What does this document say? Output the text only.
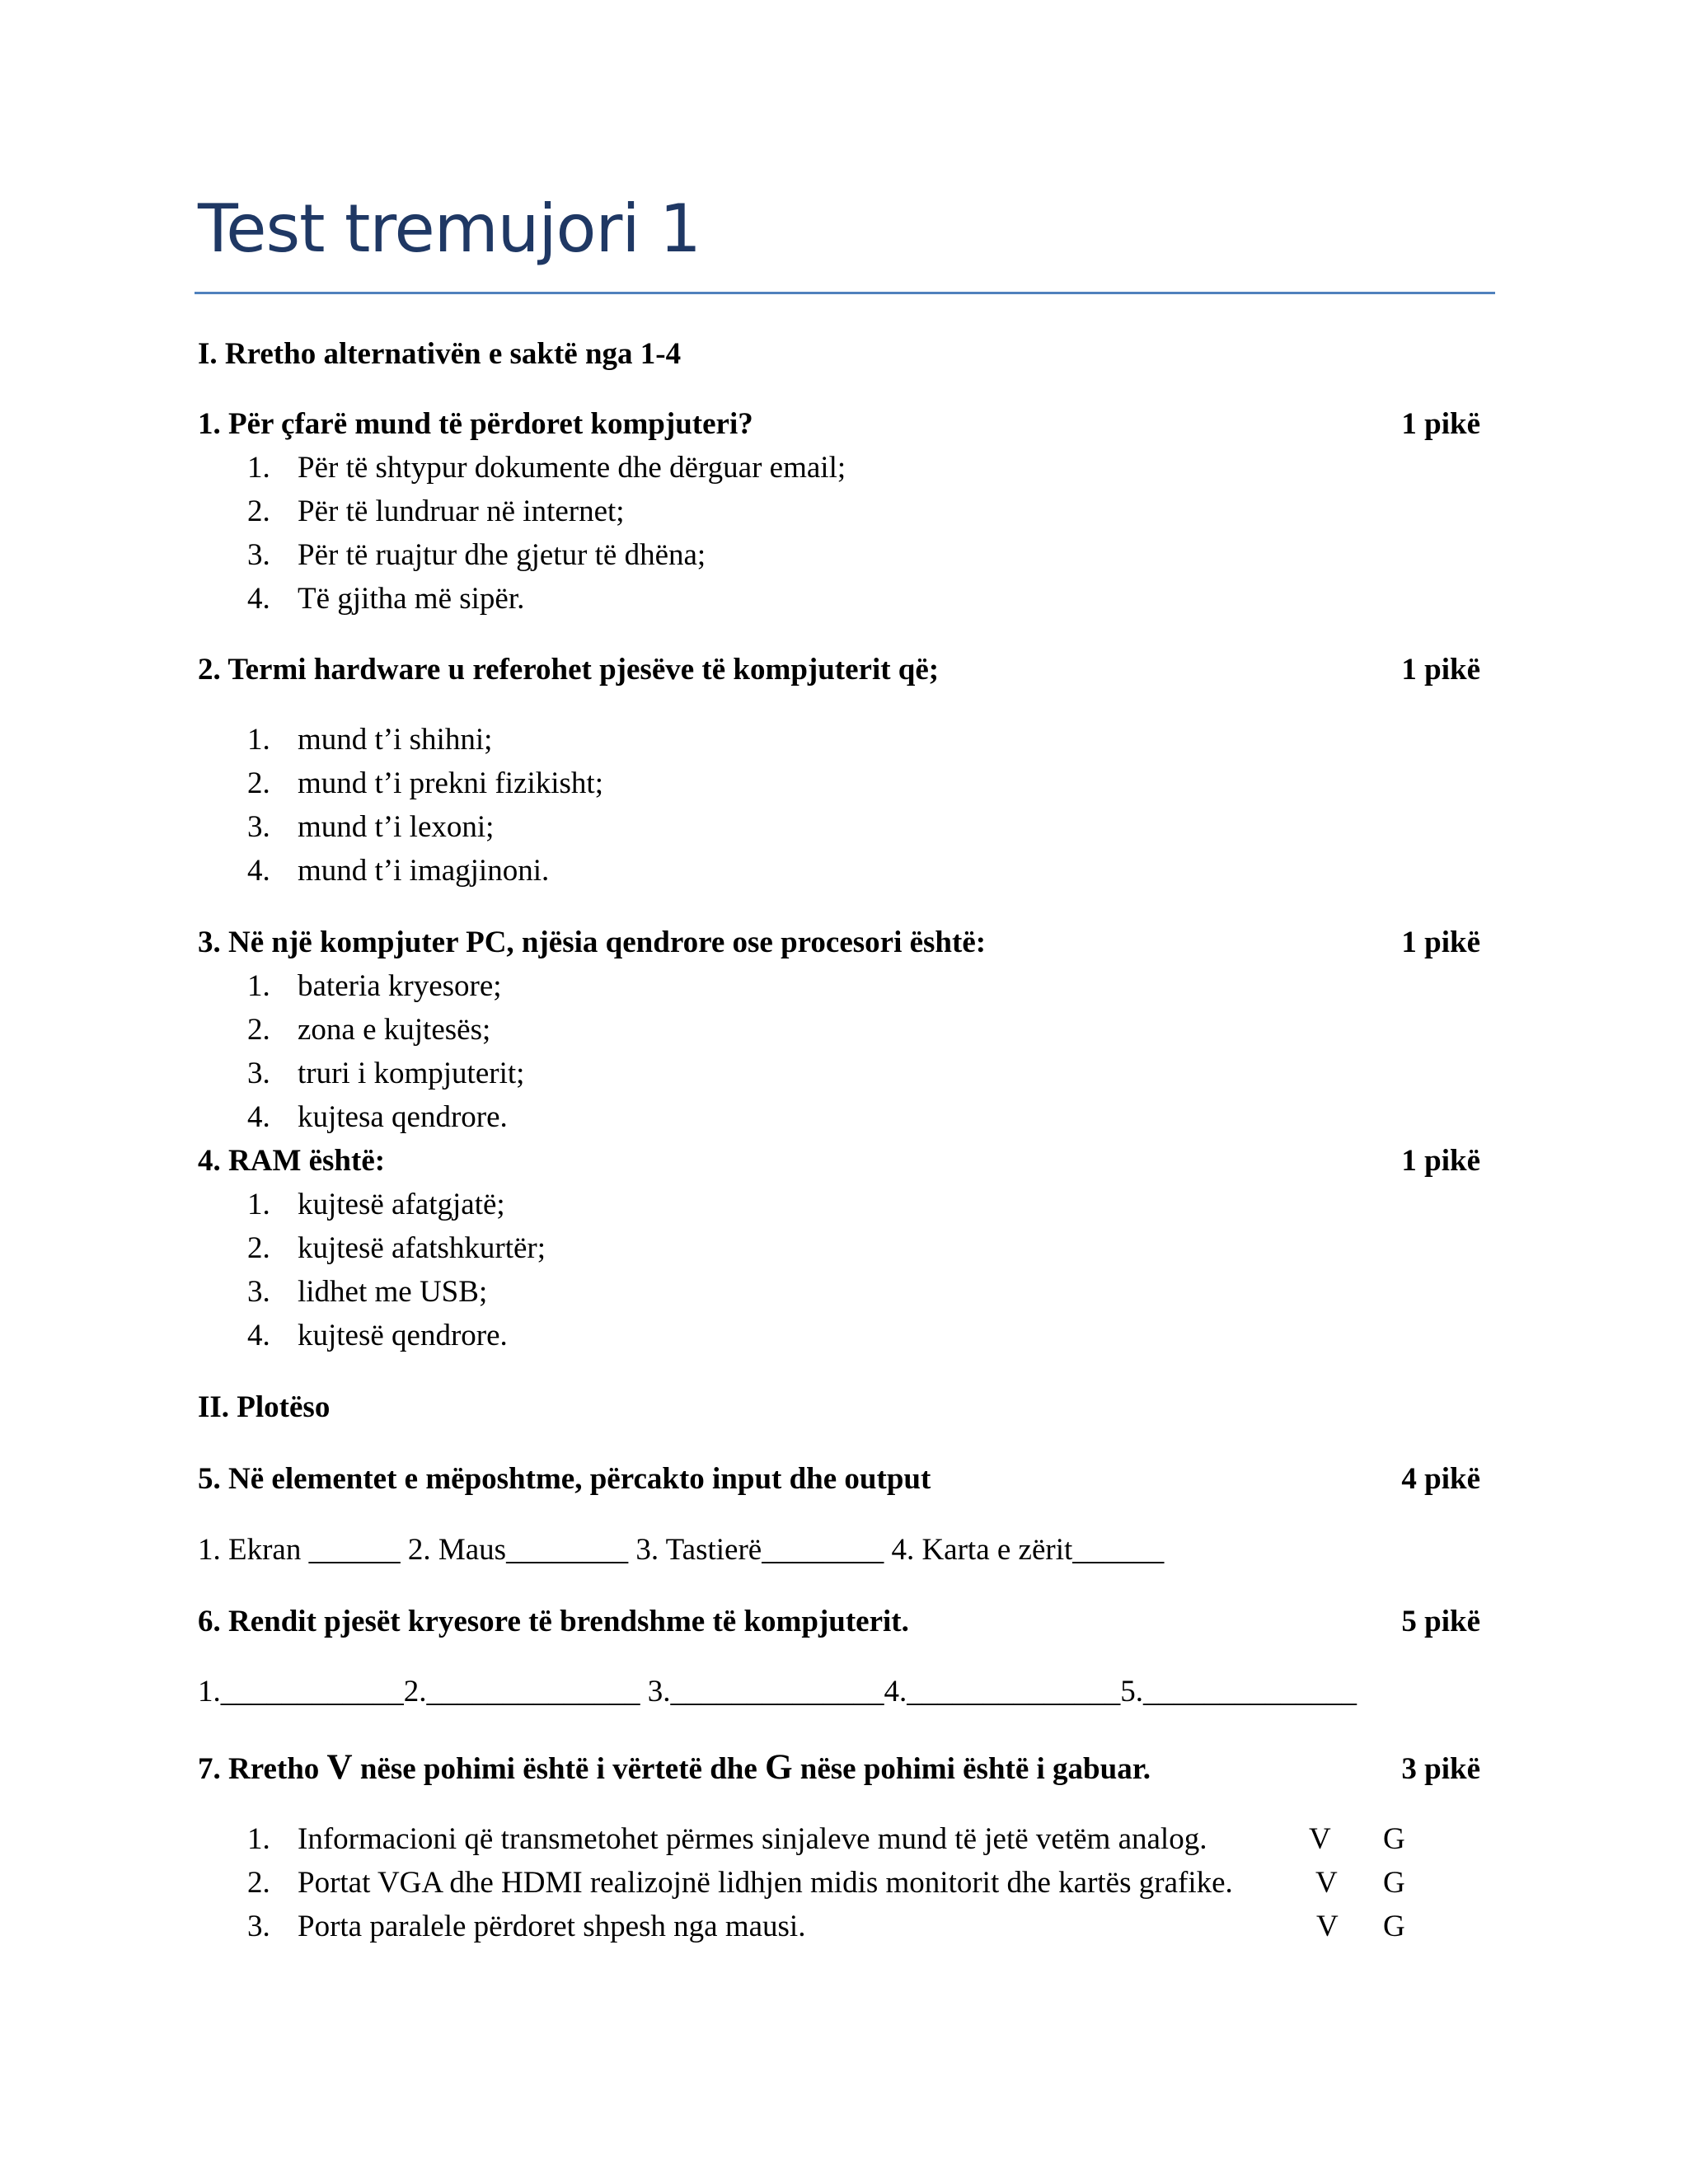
Test tremujori 1
I. Rretho alternativën e saktë nga 1-4
1. Për çfarë mund të përdoret kompjuteri?	1 pikë
1. Për të shtypur dokumente dhe dërguar email;
2. Për të lundruar në internet;
3. Për të ruajtur dhe gjetur të dhëna;
4. Të gjitha më sipër.
2. Termi hardware u referohet pjesëve të kompjuterit që;	1 pikë
1. mund t’i shihni;
2. mund t’i prekni fizikisht;
3. mund t’i lexoni;
4. mund t’i imagjinoni.
3. Në një kompjuter PC, njësia qendrore ose procesori është:	1 pikë
1. bateria kryesore;
2. zona e kujtesës;
3. truri i kompjuterit;
4. kujtesa qendrore.
4. RAM është:	1 pikë
1. kujtesë afatgjatë;
2. kujtesë afatshkurtër;
3. lidhet me USB;
4. kujtesë qendrore.
II. Plotëso
5. Në elementet e mëposhtme, përcakto input dhe output	4 pikë
1. Ekran ______ 2. Maus________ 3. Tastierë________ 4. Karta e zërit______
6. Rendit pjesët kryesore të brendshme të kompjuterit.	5 pikë
1.____________2.______________ 3.______________4.______________5.______________
7. Rretho V nëse pohimi është i vërtetë dhe G nëse pohimi është i gabuar.	3 pikë
1. Informacioni që transmetohet përmes sinjaleve mund të jetë vetëm analog.	V G
2. Portat VGA dhe HDMI realizojnë lidhjen midis monitorit dhe kartës grafike.	V G
3. Porta paralele përdoret shpesh nga mausi.	V G
